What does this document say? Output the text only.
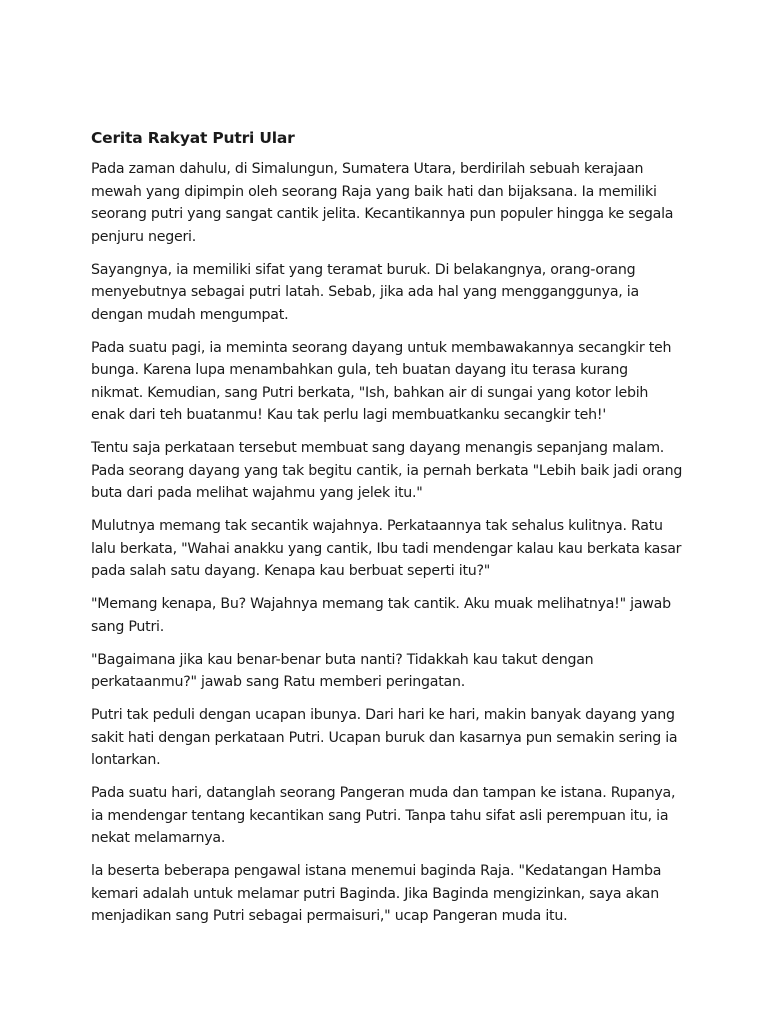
Cerita Rakyat Putri Ular

Pada zaman dahulu, di Simalungun, Sumatera Utara, berdirilah sebuah kerajaan mewah yang dipimpin oleh seorang Raja yang baik hati dan bijaksana. Ia memiliki seorang putri yang sangat cantik jelita. Kecantikannya pun populer hingga ke segala penjuru negeri.

Sayangnya, ia memiliki sifat yang teramat buruk. Di belakangnya, orang-orang menyebutnya sebagai putri latah. Sebab, jika ada hal yang mengganggunya, ia dengan mudah mengumpat.

Pada suatu pagi, ia meminta seorang dayang untuk membawakannya secangkir teh bunga. Karena lupa menambahkan gula, teh buatan dayang itu terasa kurang nikmat. Kemudian, sang Putri berkata, "Ish, bahkan air di sungai yang kotor lebih enak dari teh buatanmu! Kau tak perlu lagi membuatkanku secangkir teh!'

Tentu saja perkataan tersebut membuat sang dayang menangis sepanjang malam. Pada seorang dayang yang tak begitu cantik, ia pernah berkata "Lebih baik jadi orang buta dari pada melihat wajahmu yang jelek itu."

Mulutnya memang tak secantik wajahnya. Perkataannya tak sehalus kulitnya. Ratu lalu berkata, "Wahai anakku yang cantik, Ibu tadi mendengar kalau kau berkata kasar pada salah satu dayang. Kenapa kau berbuat seperti itu?"

"Memang kenapa, Bu? Wajahnya memang tak cantik. Aku muak melihatnya!" jawab sang Putri.

"Bagaimana jika kau benar-benar buta nanti? Tidakkah kau takut dengan perkataanmu?" jawab sang Ratu memberi peringatan.

Putri tak peduli dengan ucapan ibunya. Dari hari ke hari, makin banyak dayang yang sakit hati dengan perkataan Putri. Ucapan buruk dan kasarnya pun semakin sering ia lontarkan.

Pada suatu hari, datanglah seorang Pangeran muda dan tampan ke istana. Rupanya, ia mendengar tentang kecantikan sang Putri. Tanpa tahu sifat asli perempuan itu, ia nekat melamarnya.

la beserta beberapa pengawal istana menemui baginda Raja. "Kedatangan Hamba kemari adalah untuk melamar putri Baginda. Jika Baginda mengizinkan, saya akan menjadikan sang Putri sebagai permaisuri," ucap Pangeran muda itu.
